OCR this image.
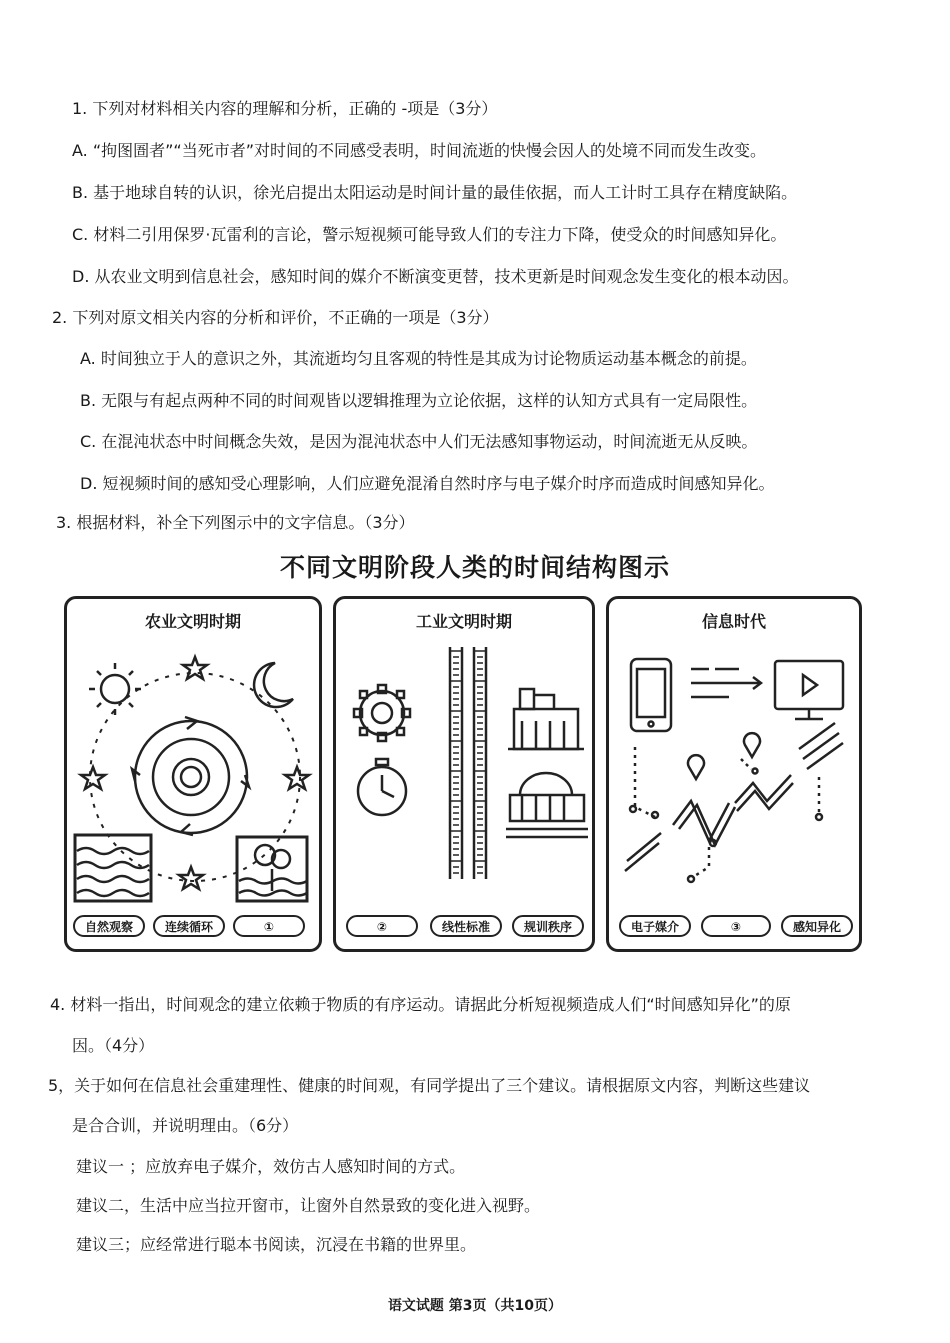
1. 下列对材料相关内容的理解和分析，正确的 -项是（3分）
A. “拘图圄者”“当死市者”对时间的不同感受表明，时间流逝的快慢会因人的处境不同而发生改变。
B. 基于地球自转的认识，徐光启提出太阳运动是时间计量的最佳依据，而人工计时工具存在精度缺陷。
C. 材料二引用保罗·瓦雷利的言论，警示短视频可能导致人们的专注力下降，使受众的时间感知异化。
D. 从农业文明到信息社会，感知时间的媒介不断演变更替，技术更新是时间观念发生变化的根本动因。
2. 下列对原文相关内容的分析和评价，不正确的一项是（3分）
A. 时间独立于人的意识之外，其流逝均匀且客观的特性是其成为讨论物质运动基本概念的前提。
B. 无限与有起点两种不同的时间观皆以逻辑推理为立论依据，这样的认知方式具有一定局限性。
C. 在混沌状态中时间概念失效，是因为混沌状态中人们无法感知事物运动，时间流逝无从反映。
D. 短视频时间的感知受心理影响，人们应避免混淆自然时序与电子媒介时序而造成时间感知异化。
3. 根据材料，补全下列图示中的文字信息。（3分）
不同文明阶段人类的时间结构图示
农业文明时期
自然观察	连续循环	①
工业文明时期
②	线性标准	规训秩序
信息时代
电子媒介	③	感知异化
4. 材料一指出，时间观念的建立依赖于物质的有序运动。请据此分析短视频造成人们“时间感知异化”的原
因。（4分）
5，关于如何在信息社会重建理性、健康的时间观，有同学提出了三个建议。请根据原文内容，判断这些建议
是合合训，并说明理由。（6分）
建议一 ；应放弃电子媒介，效仿古人感知时间的方式。
建议二，生活中应当拉开窗市，让窗外自然景致的变化进入视野。
建议三；应经常进行聪本书阅读，沉浸在书籍的世界里。
语文试题 第3页（共10页）
